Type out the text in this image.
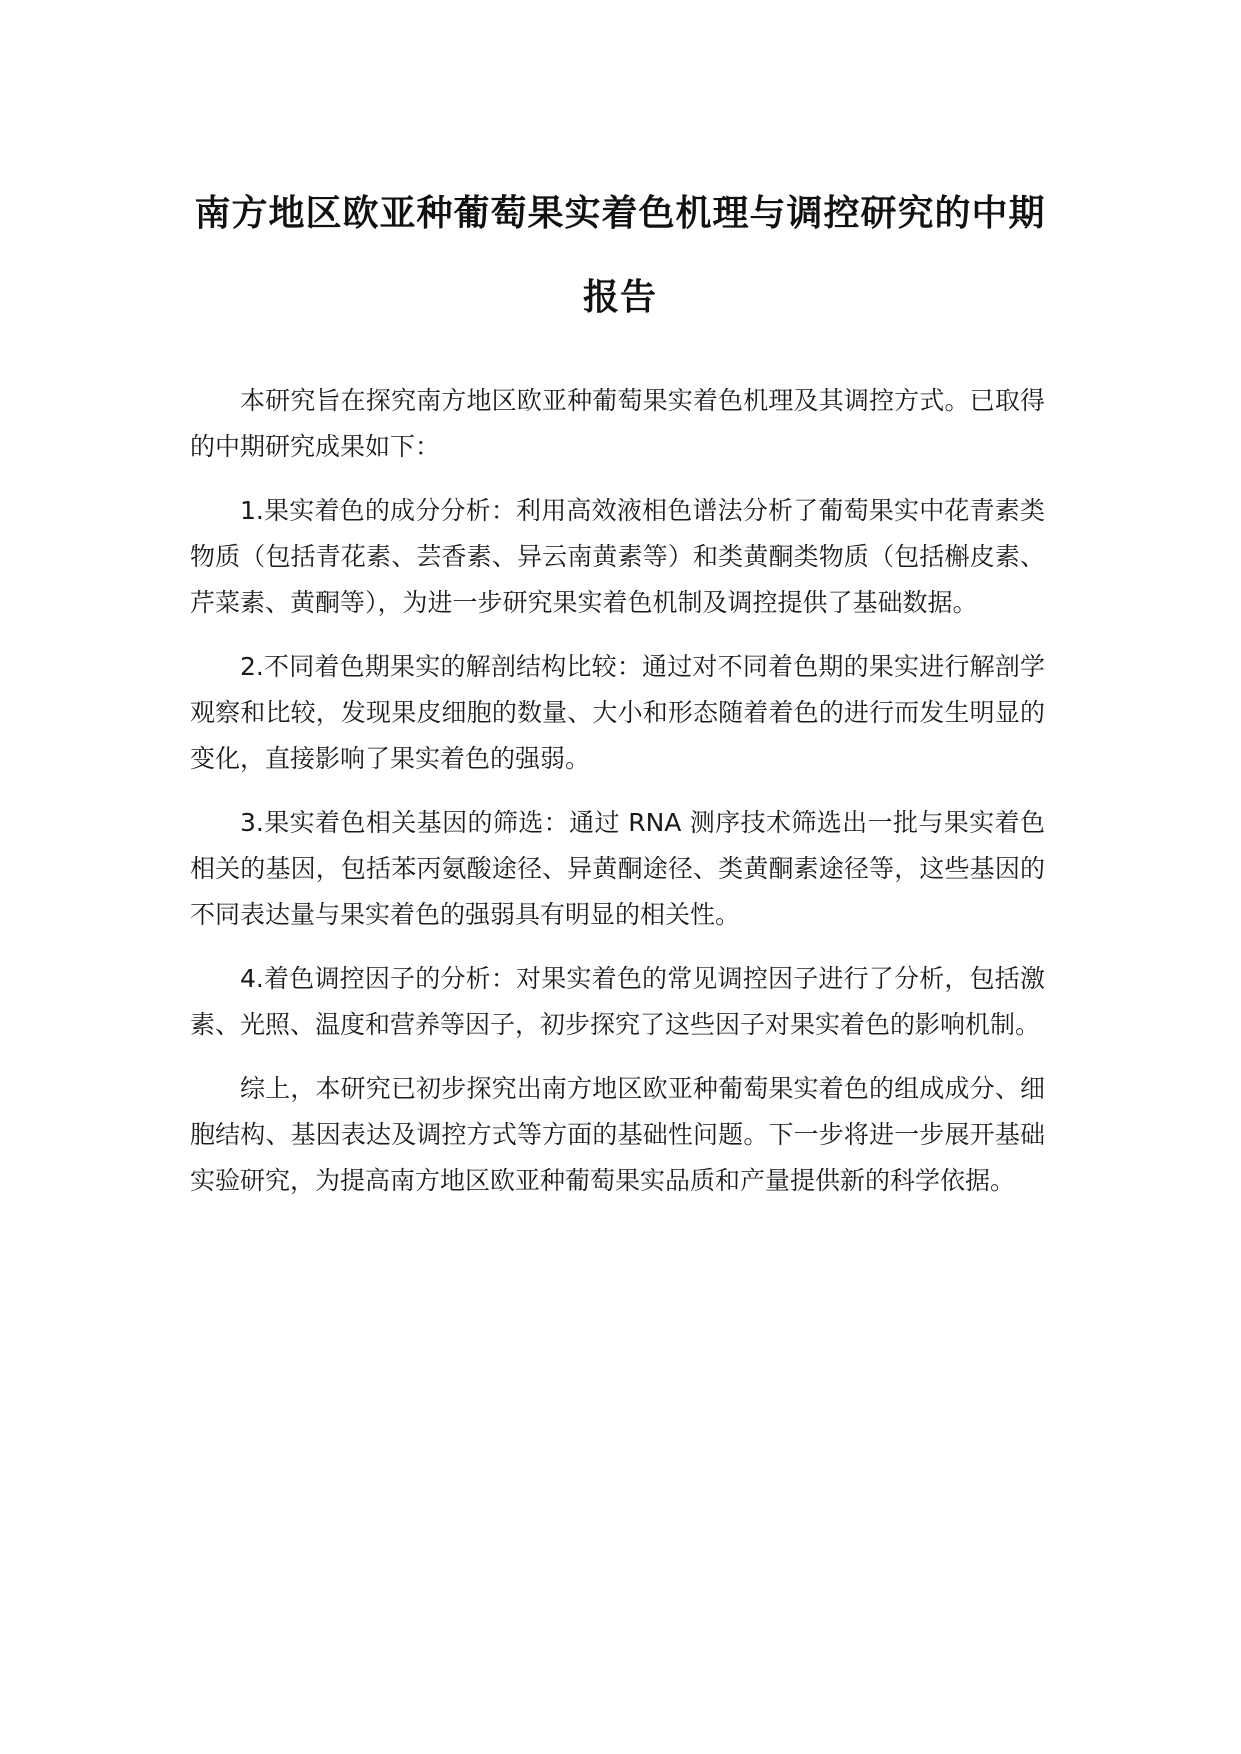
南方地区欧亚种葡萄果实着色机理与调控研究的中期报告

本研究旨在探究南方地区欧亚种葡萄果实着色机理及其调控方式。已取得的中期研究成果如下：

1.果实着色的成分分析：利用高效液相色谱法分析了葡萄果实中花青素类物质（包括青花素、芸香素、异云南黄素等）和类黄酮类物质（包括槲皮素、芹菜素、黄酮等），为进一步研究果实着色机制及调控提供了基础数据。

2.不同着色期果实的解剖结构比较：通过对不同着色期的果实进行解剖学观察和比较，发现果皮细胞的数量、大小和形态随着着色的进行而发生明显的变化，直接影响了果实着色的强弱。

3.果实着色相关基因的筛选：通过 RNA 测序技术筛选出一批与果实着色相关的基因，包括苯丙氨酸途径、异黄酮途径、类黄酮素途径等，这些基因的不同表达量与果实着色的强弱具有明显的相关性。

4.着色调控因子的分析：对果实着色的常见调控因子进行了分析，包括激素、光照、温度和营养等因子，初步探究了这些因子对果实着色的影响机制。

综上，本研究已初步探究出南方地区欧亚种葡萄果实着色的组成成分、细胞结构、基因表达及调控方式等方面的基础性问题。下一步将进一步展开基础实验研究，为提高南方地区欧亚种葡萄果实品质和产量提供新的科学依据。
